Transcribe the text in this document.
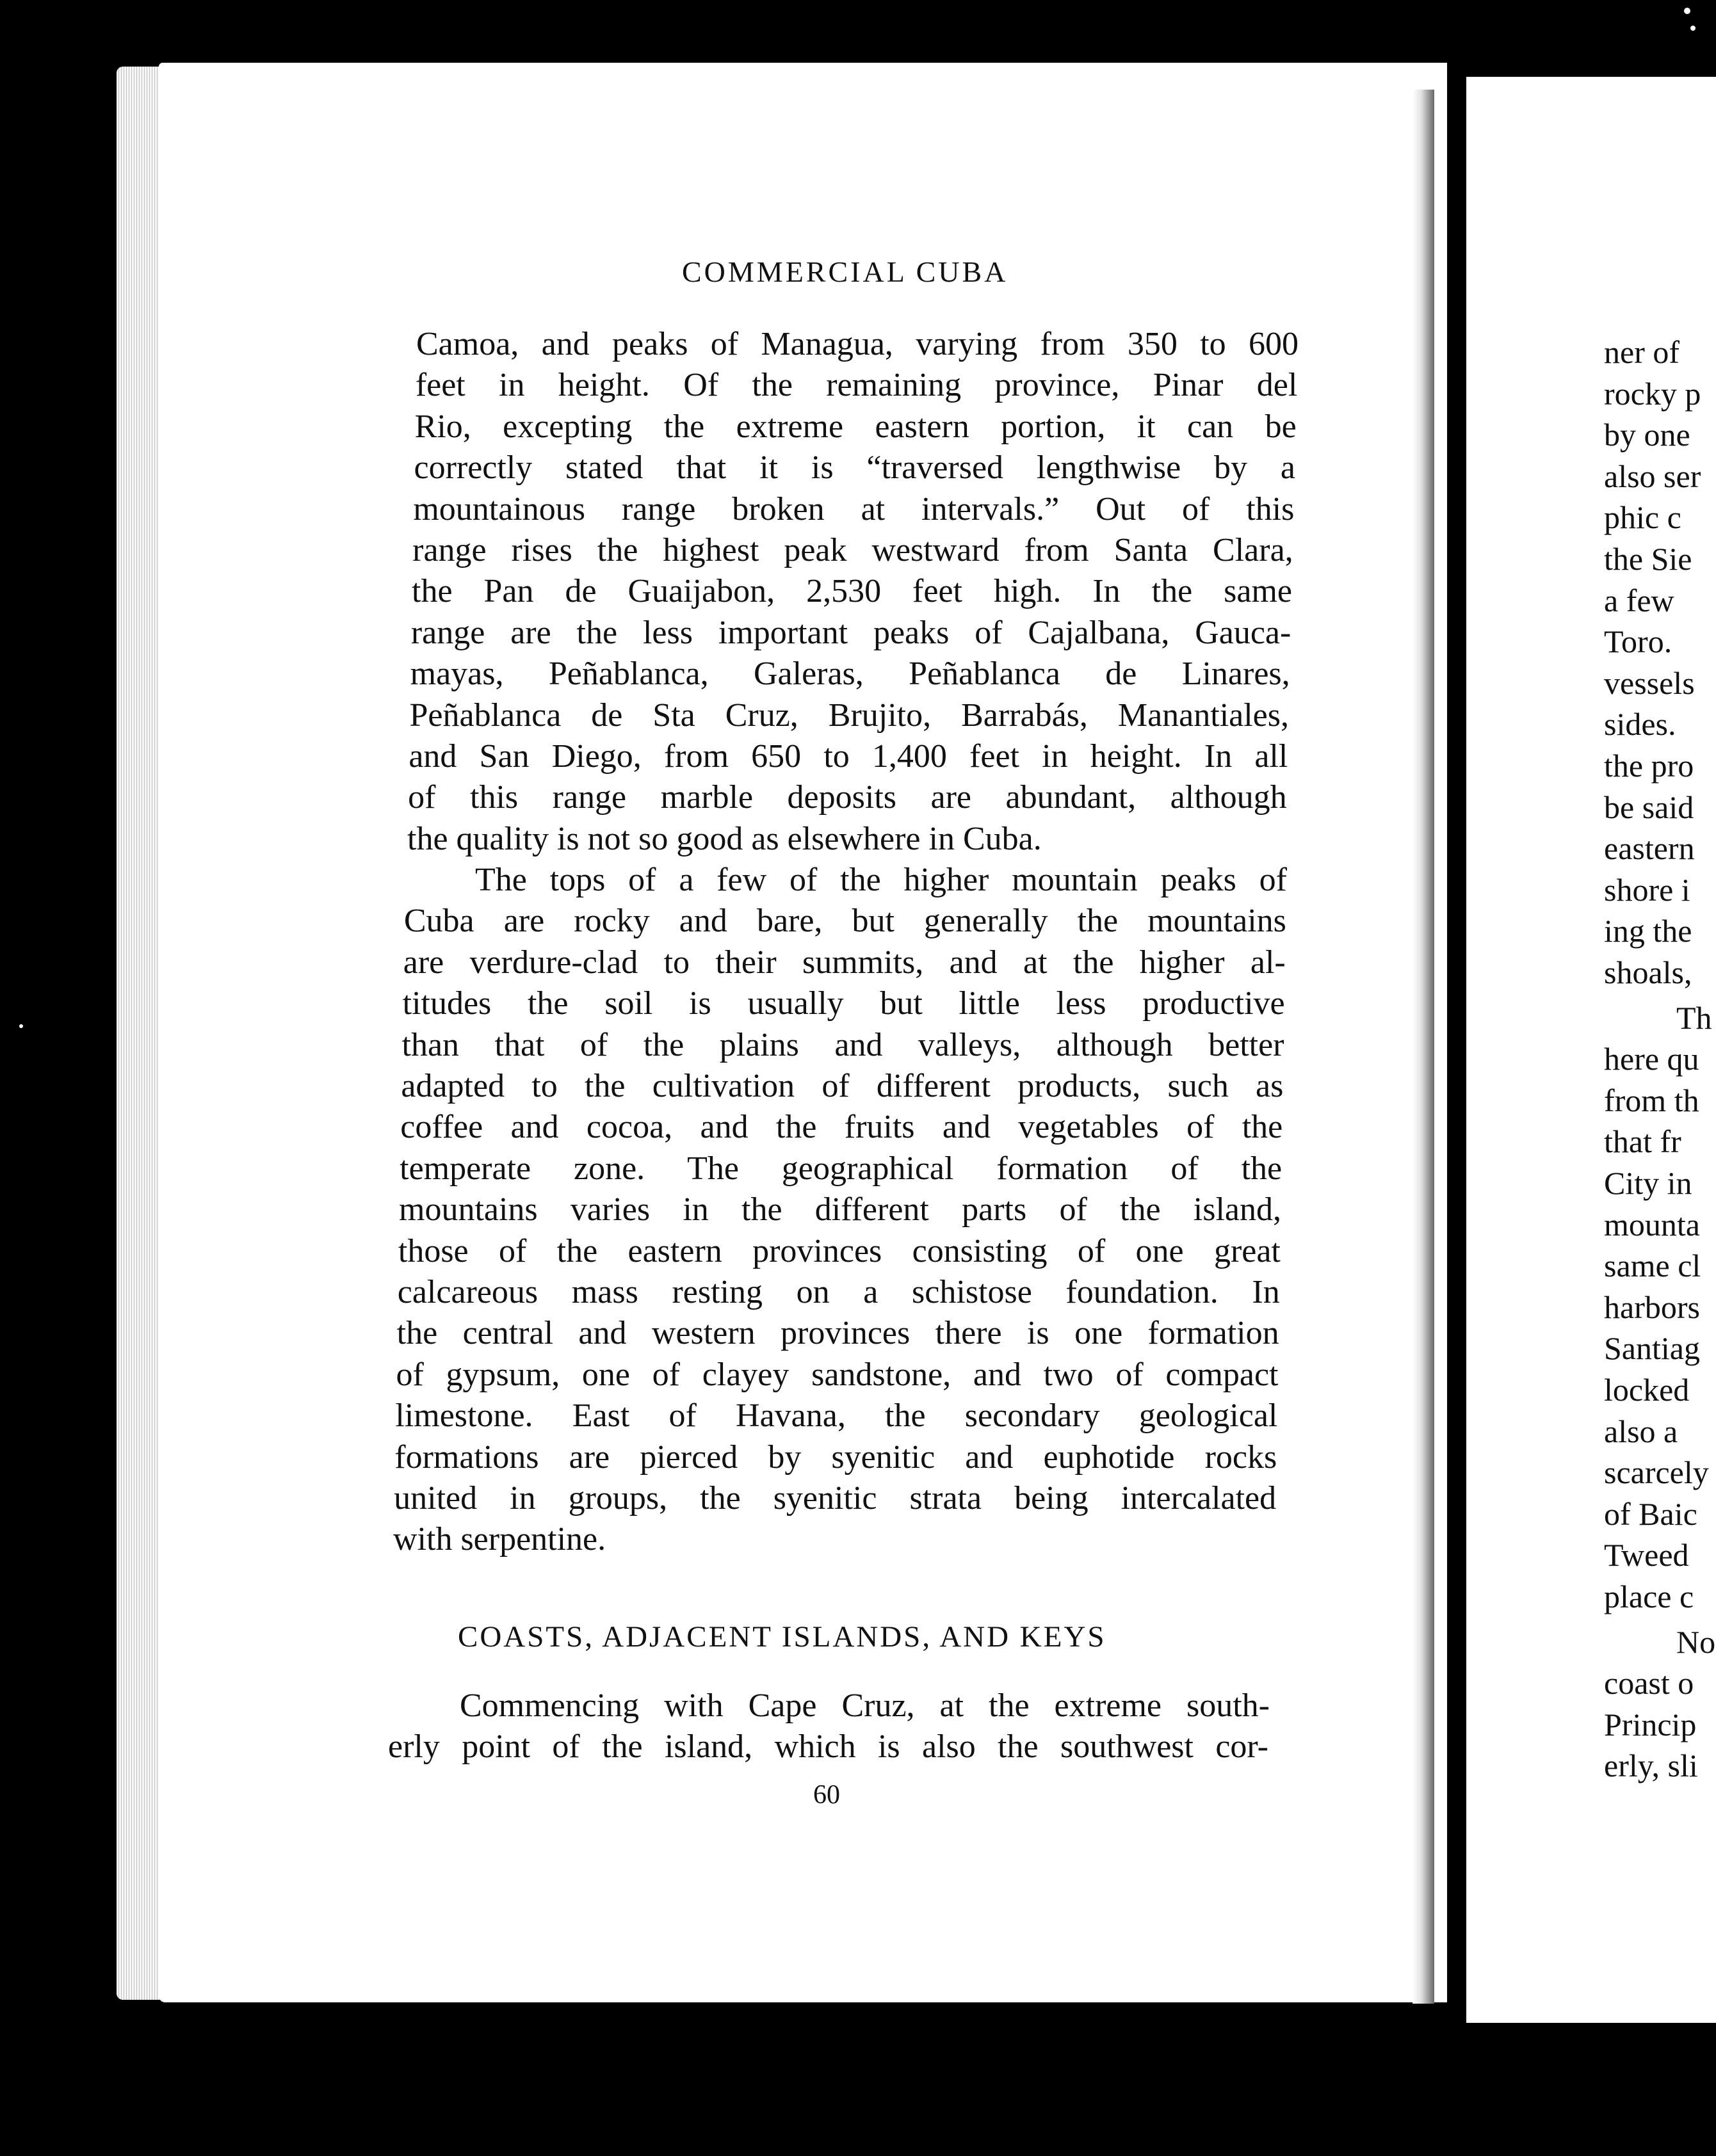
COMMERCIAL CUBA
Camoa, and peaks of Managua, varying from 350 to 600
feet in height. Of the remaining province, Pinar del
Rio, excepting the extreme eastern portion, it can be
correctly stated that it is “traversed lengthwise by a
mountainous range broken at intervals.” Out of this
range rises the highest peak westward from Santa Clara,
the Pan de Guaijabon, 2,530 feet high. In the same
range are the less important peaks of Cajalbana, Gauca-
mayas, Peñablanca, Galeras, Peñablanca de Linares,
Peñablanca de Sta Cruz, Brujito, Barrabás, Manantiales,
and San Diego, from 650 to 1,400 feet in height. In all
of this range marble deposits are abundant, although
the quality is not so good as elsewhere in Cuba.
The tops of a few of the higher mountain peaks of
Cuba are rocky and bare, but generally the mountains
are verdure-clad to their summits, and at the higher al-
titudes the soil is usually but little less productive
than that of the plains and valleys, although better
adapted to the cultivation of different products, such as
coffee and cocoa, and the fruits and vegetables of the
temperate zone. The geographical formation of the
mountains varies in the different parts of the island,
those of the eastern provinces consisting of one great
calcareous mass resting on a schistose foundation. In
the central and western provinces there is one formation
of gypsum, one of clayey sandstone, and two of compact
limestone. East of Havana, the secondary geological
formations are pierced by syenitic and euphotide rocks
united in groups, the syenitic strata being intercalated
with serpentine.
Commencing with Cape Cruz, at the extreme south-
erly point of the island, which is also the southwest cor-
COASTS, ADJACENT ISLANDS, AND KEYS
60
ner of
rocky p
by one
also ser
phic c
the Sie
a few
Toro.
vessels
sides.
the pro
be said
eastern
shore i
ing the
shoals,
Th
here qu
from th
that fr
City in
mounta
same cl
harbors
Santiag
locked
also a
scarcely
of Baic
Tweed
place c
No
coast o
Princip
erly, sli
